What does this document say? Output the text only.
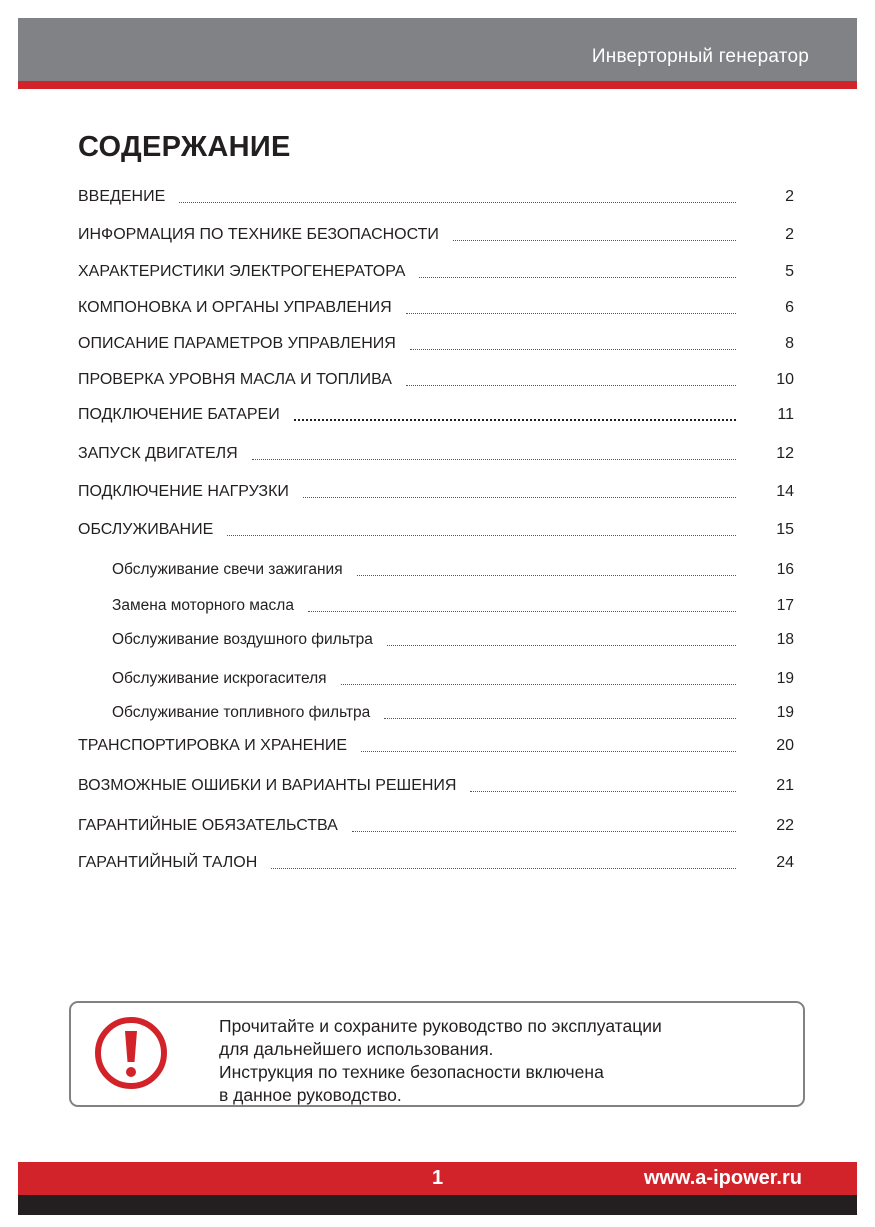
Инверторный генератор
СОДЕРЖАНИЕ
ВВЕДЕНИЕ	2
ИНФОРМАЦИЯ ПО ТЕХНИКЕ БЕЗОПАСНОСТИ	2
ХАРАКТЕРИСТИКИ ЭЛЕКТРОГЕНЕРАТОРА	5
КОМПОНОВКА И ОРГАНЫ УПРАВЛЕНИЯ	6
ОПИСАНИЕ ПАРАМЕТРОВ УПРАВЛЕНИЯ	8
ПРОВЕРКА УРОВНЯ МАСЛА И ТОПЛИВА	10
ПОДКЛЮЧЕНИЕ БАТАРЕИ	11
ЗАПУСК ДВИГАТЕЛЯ	12
ПОДКЛЮЧЕНИЕ НАГРУЗКИ	14
ОБСЛУЖИВАНИЕ	15
Обслуживание свечи зажигания	16
Замена моторного масла	17
Обслуживание воздушного фильтра	18
Обслуживание искрогасителя	19
Обслуживание топливного фильтра	19
ТРАНСПОРТИРОВКА И ХРАНЕНИЕ	20
ВОЗМОЖНЫЕ ОШИБКИ И ВАРИАНТЫ РЕШЕНИЯ	21
ГАРАНТИЙНЫЕ ОБЯЗАТЕЛЬСТВА	22
ГАРАНТИЙНЫЙ ТАЛОН	24
Прочитайте и сохраните руководство по эксплуатации
для дальнейшего использования.
Инструкция по технике безопасности включена
в данное руководство.
1	www.a-ipower.ru
